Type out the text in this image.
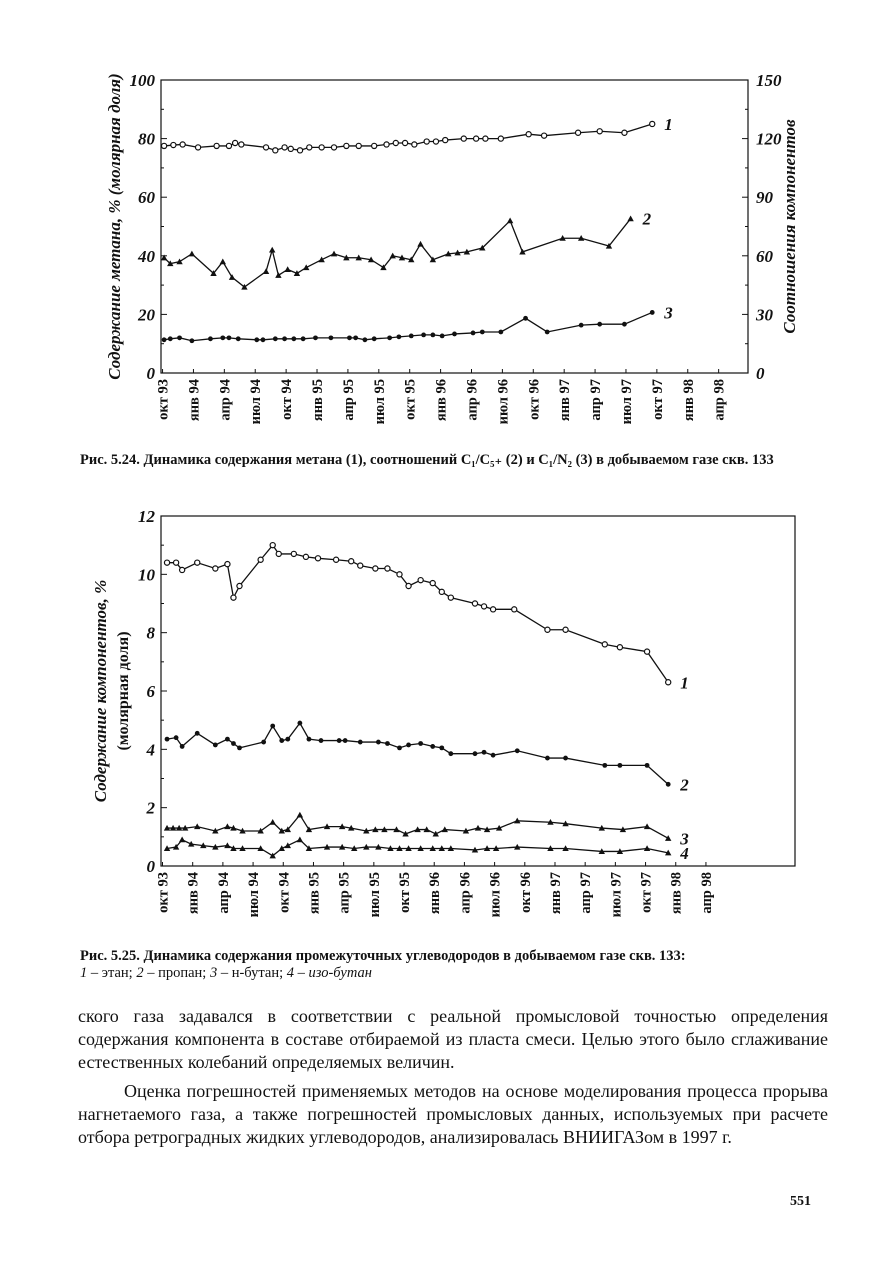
0
20
40
60
80
100
0
30
60
90
120
150
окт 93 янв 94 апр 94 июл 94 окт 94 янв 95 апр 95 июл 95 окт 95 янв 96 апр 96 июл 96 окт 96 янв 97 апр 97 июл 97 окт 97 янв 98 апр 98
Содержание метана, % (молярная доля)	Соотношения компонентов
1
2
3
Рис. 5.24. Динамика содержания метана (1), соотношений C₁/C₅₊ (2) и C₁/N₂ (3) в добываемом газе скв. 133
0
2
4
6
8
10
12
окт 93 янв 94 апр 94 июл 94 окт 94 янв 95 апр 95 июл 95 окт 95 янв 96 апр 96 июл 96 окт 96 янв 97 апр 97 июл 97 окт 97 янв 98 апр 98
Содержание компонентов, % (молярная доля)	1
2
3
4
Рис. 5.25. Динамика содержания промежуточных углеводородов в добываемом газе скв. 133:
1 – этан; 2 – пропан; 3 – н-бутан; 4 – изо-бутан

ского газа задавался в соответствии с реальной промысловой точностью определения содержания компонента в составе отбираемой из пласта смеси. Целью этого было сглаживание естественных колебаний определяемых величин.

Оценка погрешностей применяемых методов на основе моделирования процесса прорыва нагнетаемого газа, а также погрешностей промысловых данных, используемых при расчете отбора ретроградных жидких углеводородов, анализировалась ВНИИГАЗом в 1997 г.

551
